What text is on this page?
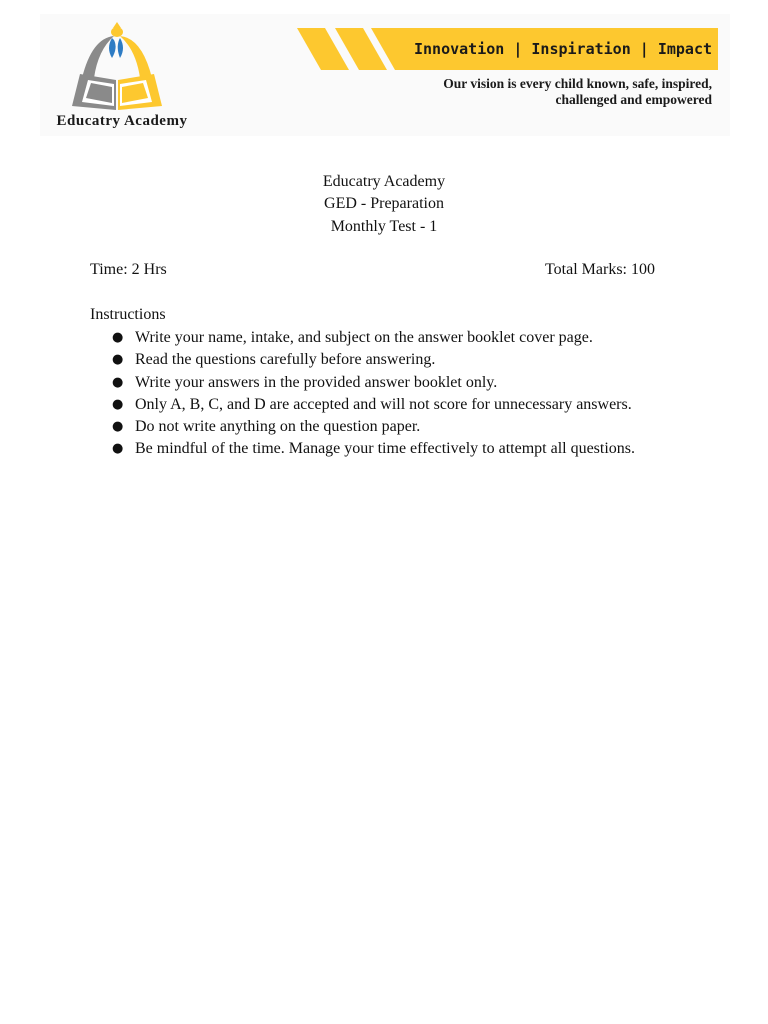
Educatry Academy
Innovation | Inspiration | Impact
Our vision is every child known, safe, inspired,
challenged and empowered
Educatry Academy
GED - Preparation
Monthly Test - 1
Time: 2 Hrs	Total Marks: 100
Instructions
● Write your name, intake, and subject on the answer booklet cover page.
● Read the questions carefully before answering.
● Write your answers in the provided answer booklet only.
● Only A, B, C, and D are accepted and will not score for unnecessary answers.
● Do not write anything on the question paper.
● Be mindful of the time. Manage your time effectively to attempt all questions.
